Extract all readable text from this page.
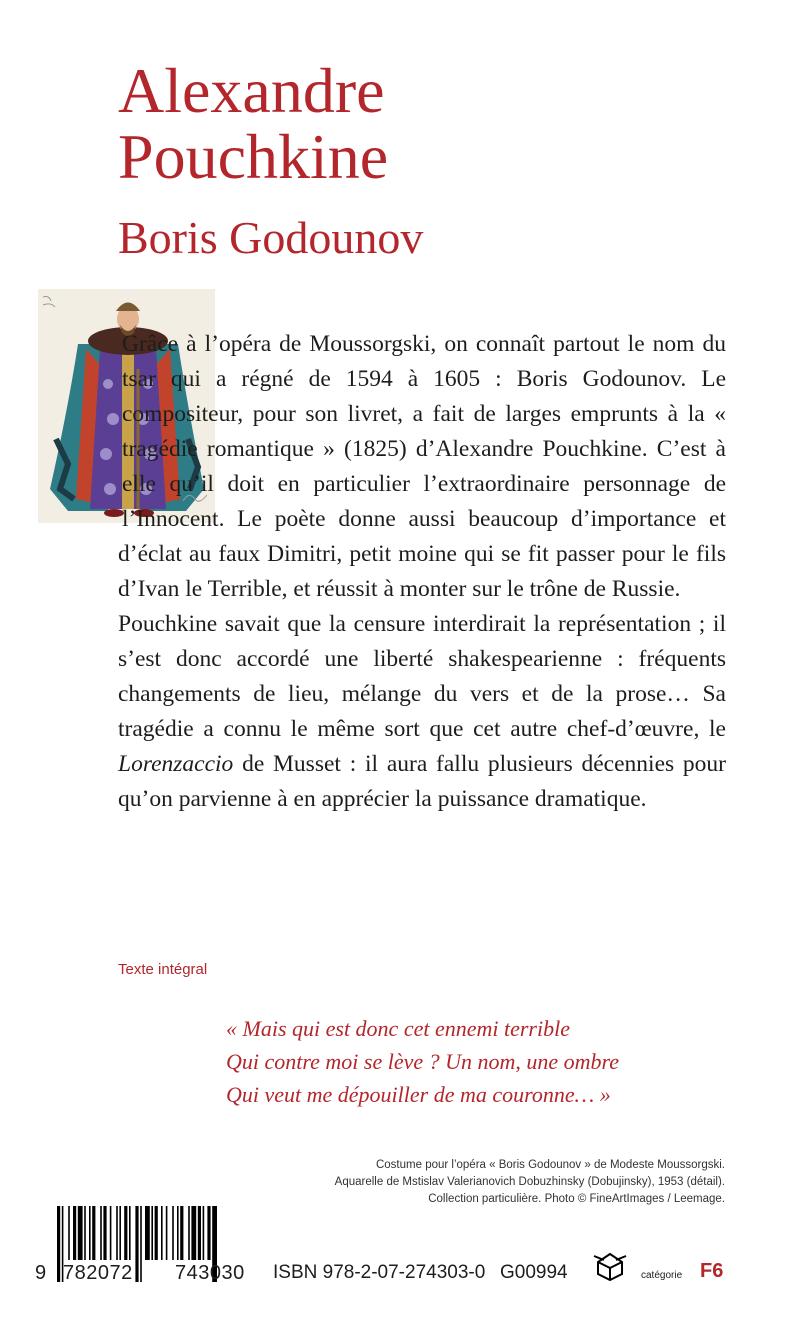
Alexandre
Pouchkine
Boris Godounov

Grâce à l’opéra de Moussorgski, on connaît partout le nom du tsar qui a régné de 1594 à 1605 : Boris Godounov. Le compositeur, pour son livret, a fait de larges emprunts à la « tragédie romantique » (1825) d’Alexandre Pouchkine. C’est à elle qu’il doit en particulier l’extraordinaire personnage de l’Innocent. Le poète donne aussi beaucoup d’importance et d’éclat au faux Dimitri, petit moine qui se fit passer pour le fils d’Ivan le Terrible, et réussit à monter sur le trône de Russie.

Pouchkine savait que la censure interdirait la représentation ; il s’est donc accordé une liberté shakespearienne : fréquents changements de lieu, mélange du vers et de la prose… Sa tragédie a connu le même sort que cet autre chef-d’œuvre, le Lorenzaccio de Musset : il aura fallu plusieurs décennies pour qu’on parvienne à en apprécier la puissance dramatique.

Texte intégral
« Mais qui est donc cet ennemi terrible
Qui contre moi se lève ? Un nom, une ombre
Qui veut me dépouiller de ma couronne… »
Costume pour l’opéra « Boris Godounov » de Modeste Moussorgski.
Aquarelle de Mstislav Valerianovich Dobuzhinsky (Dobujinsky), 1953 (détail).
Collection particulière. Photo © FineArtImages / Leemage.
9 782072 743030 ISBN 978-2-07-274303-0 G00994	catégorie F6
